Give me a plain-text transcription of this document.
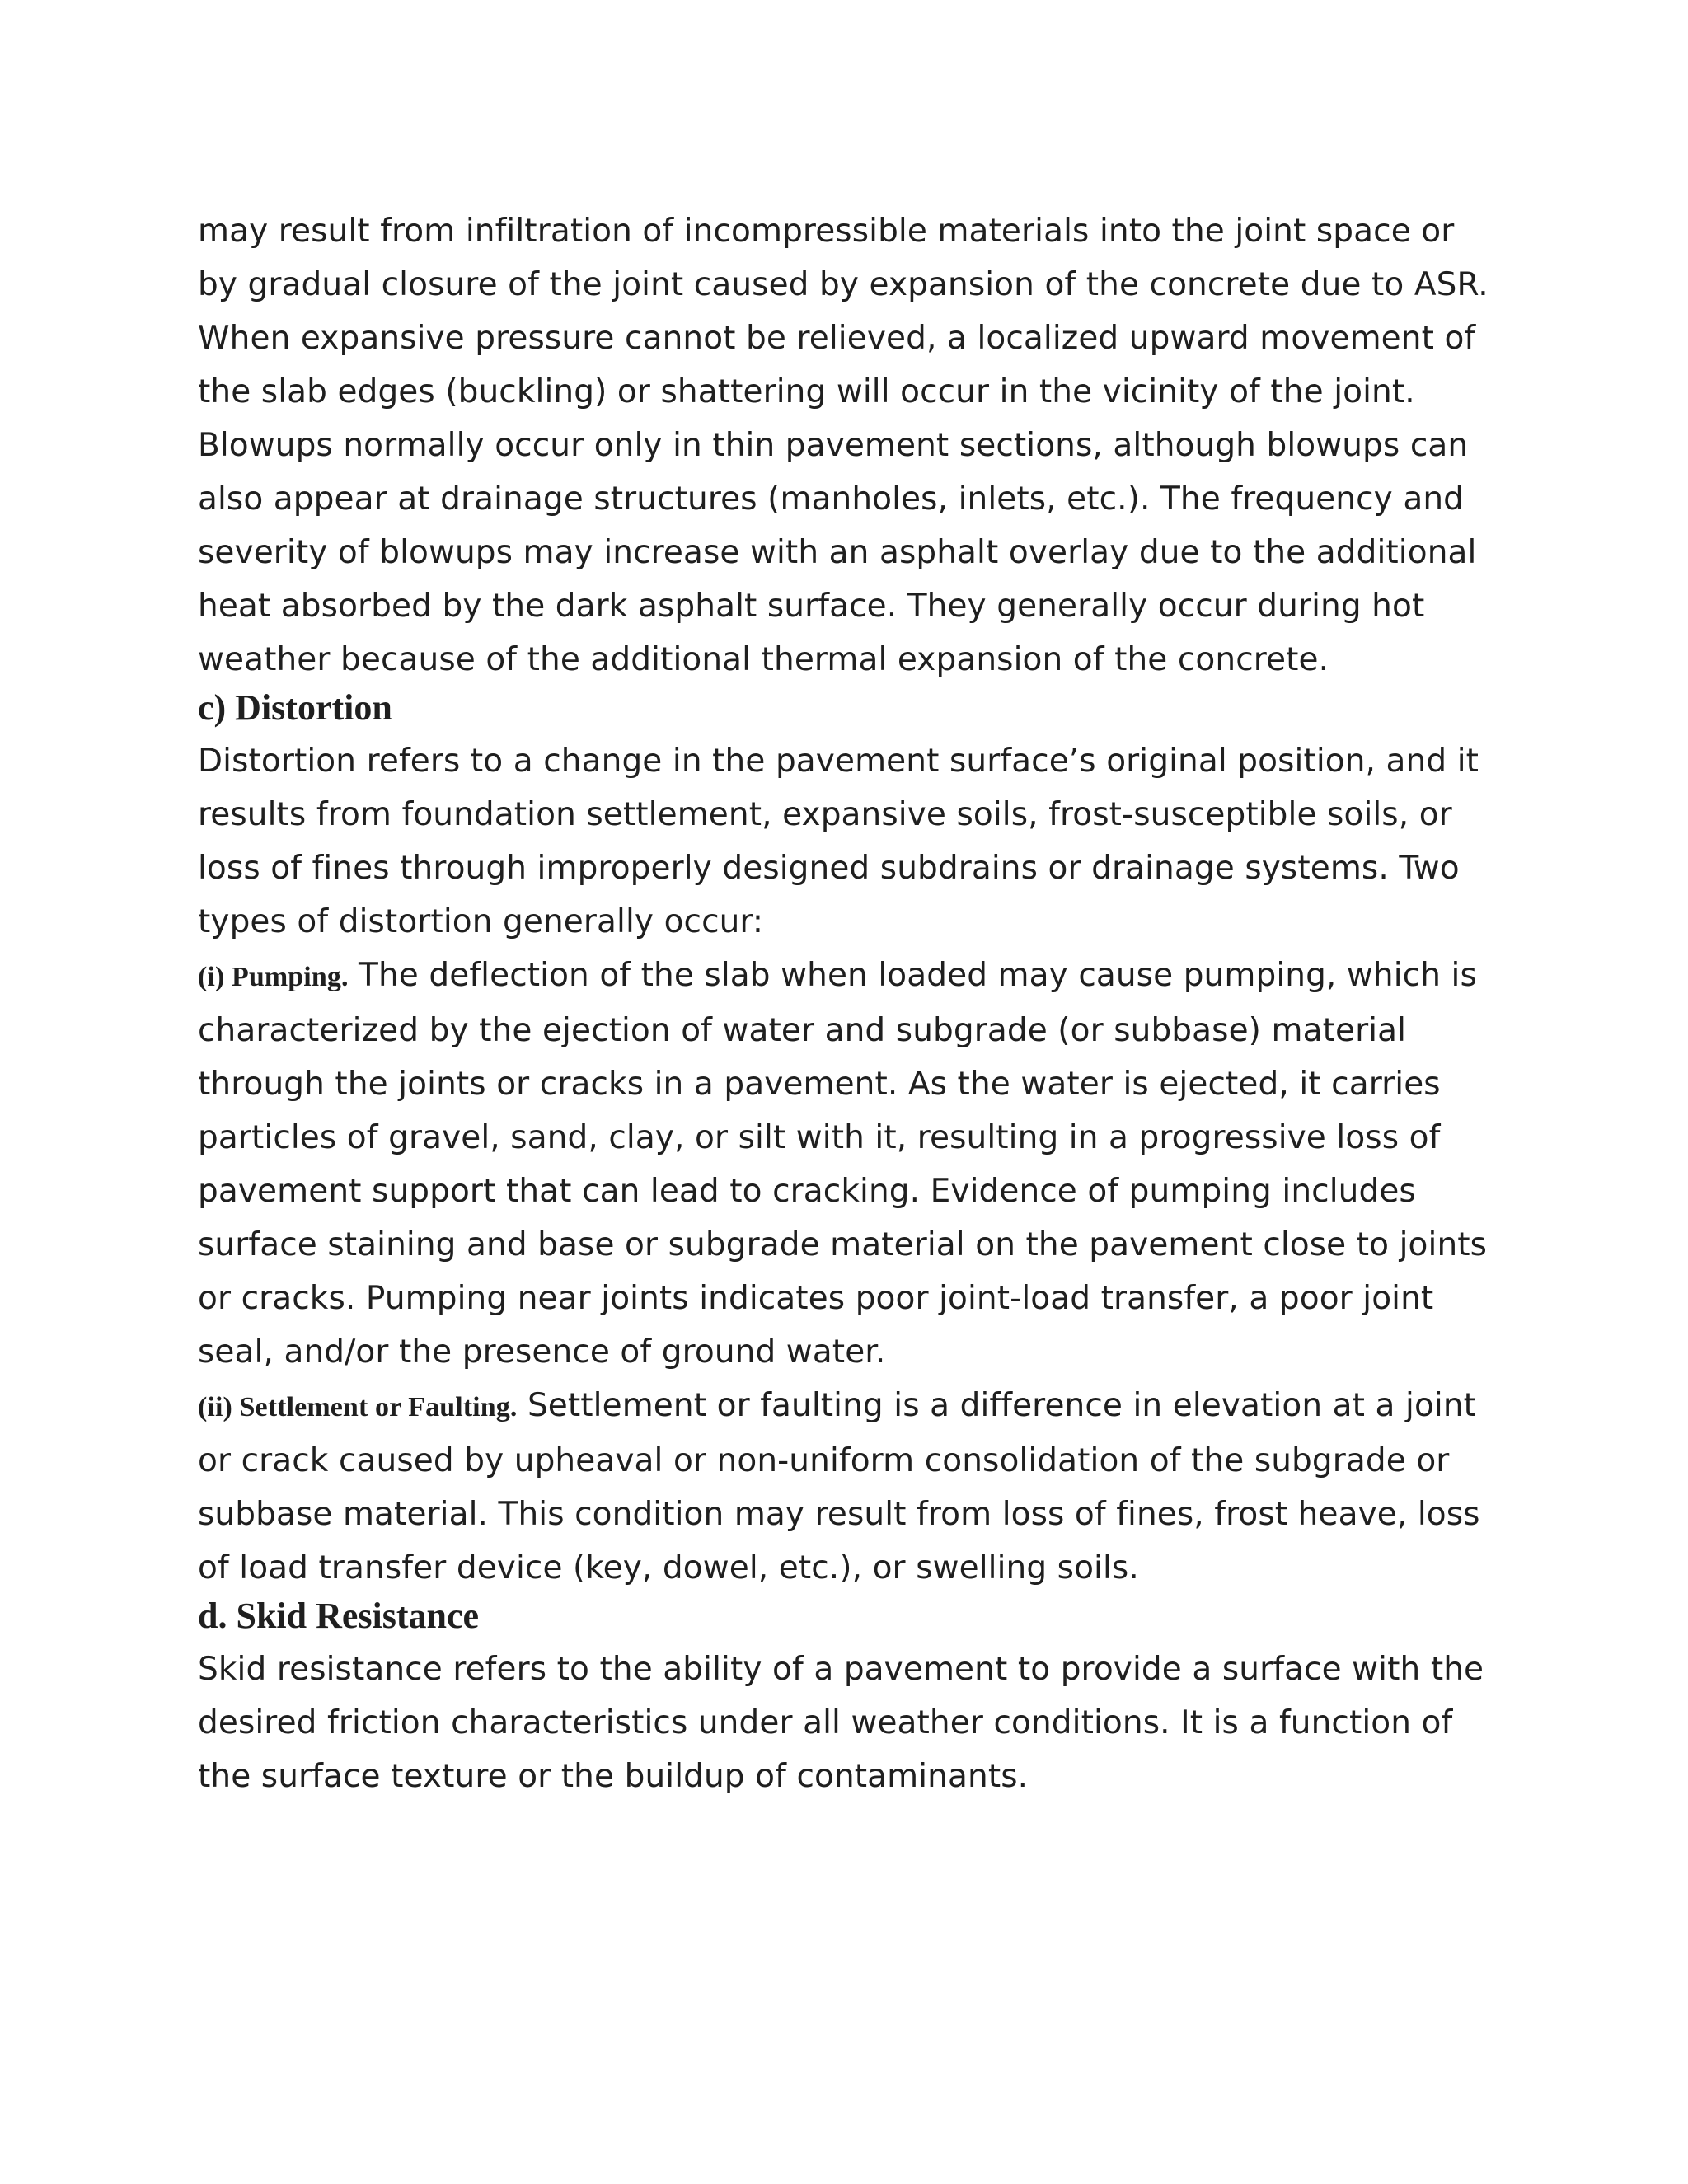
may result from infiltration of incompressible materials into the joint space or by gradual closure of the joint caused by expansion of the concrete due to ASR. When expansive pressure cannot be relieved, a localized upward movement of the slab edges (buckling) or shattering will occur in the vicinity of the joint. Blowups normally occur only in thin pavement sections, although blowups can also appear at drainage structures (manholes, inlets, etc.). The frequency and severity of blowups may increase with an asphalt overlay due to the additional heat absorbed by the dark asphalt surface. They generally occur during hot weather because of the additional thermal expansion of the concrete.

c) Distortion

Distortion refers to a change in the pavement surface’s original position, and it results from foundation settlement, expansive soils, frost-susceptible soils, or loss of fines through improperly designed subdrains or drainage systems. Two types of distortion generally occur:

(i) Pumping. The deflection of the slab when loaded may cause pumping, which is characterized by the ejection of water and subgrade (or subbase) material through the joints or cracks in a pavement. As the water is ejected, it carries particles of gravel, sand, clay, or silt with it, resulting in a progressive loss of pavement support that can lead to cracking. Evidence of pumping includes surface staining and base or subgrade material on the pavement close to joints or cracks. Pumping near joints indicates poor joint-load transfer, a poor joint seal, and/or the presence of ground water.

(ii) Settlement or Faulting. Settlement or faulting is a difference in elevation at a joint or crack caused by upheaval or non-uniform consolidation of the subgrade or subbase material. This condition may result from loss of fines, frost heave, loss of load transfer device (key, dowel, etc.), or swelling soils.

d. Skid Resistance

Skid resistance refers to the ability of a pavement to provide a surface with the desired friction characteristics under all weather conditions. It is a function of the surface texture or the buildup of contaminants.
